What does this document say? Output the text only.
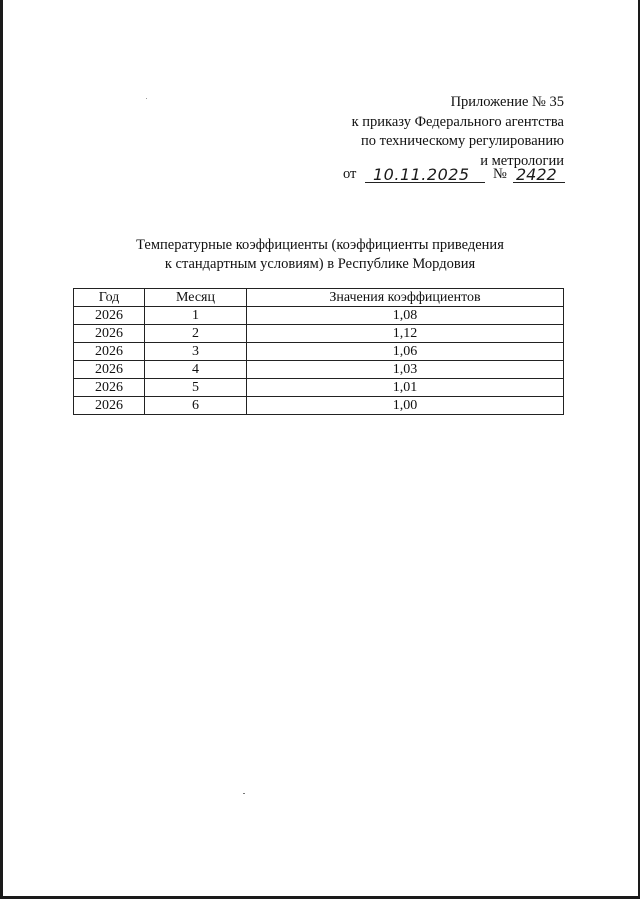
Приложение № 35
к приказу Федерального агентства
по техническому регулированию
и метрологии
от	10.11.2025	№ 2422
Температурные коэффициенты (коэффициенты приведения
к стандартным условиям) в Республике Мордовия
Год	Месяц	Значения коэффициентов
2026	1	1,08
2026	2	1,12
2026	3	1,06
2026	4	1,03
2026	5	1,01
2026	6	1,00
